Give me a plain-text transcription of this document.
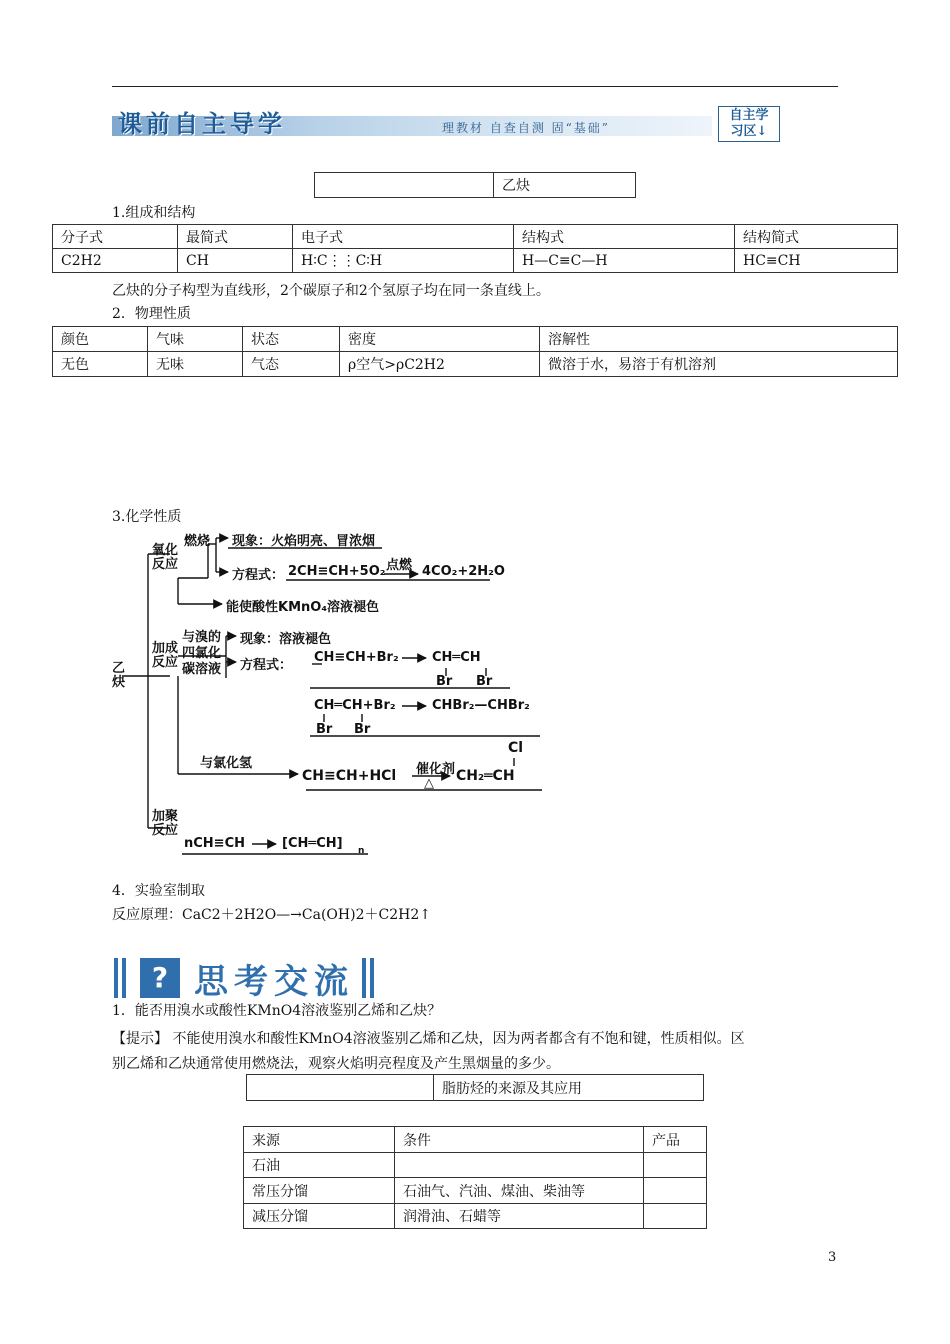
课前自主导学	理教材 自查自测 固“基础”
自主学
习区↓
	乙炔
1.组成和结构
分子式	最简式	电子式	结构式	结构简式
C2H2	CH	H∶C⋮⋮C∶H	H—C≡C—H	HC≡CH
乙炔的分子构型为直线形，2个碳原子和2个氢原子均在同一条直线上。
2．物理性质
颜色	气味	状态	密度	溶解性
无色	无味	气态	ρ空气>ρC2H2	微溶于水，易溶于有机溶剂
3.化学性质
乙炔
氧化反应
燃烧 现象：火焰明亮、冒浓烟
方程式： 2CH≡CH+5O₂ 点燃 4CO₂+2H₂O
能使酸性KMnO₄溶液褪色
加成反应
与溴的四氯化碳溶液
现象：溶液褪色
方程式：
CH≡CH+Br₂	CH═CH
Br Br
CH═CH+Br₂	CHBr₂—CHBr₂
Br Br
与氯化氢
CH≡CH+HCl 催化剂
△ CH₂═CH
Cl
加聚反应
nCH≡CH	[CH═CH] n
4．实验室制取
反应原理：CaC2＋2H2O—→Ca(OH)2＋C2H2↑
? 思考交流
1．能否用溴水或酸性KMnO4溶液鉴别乙烯和乙炔？
【提示】 不能使用溴水和酸性KMnO4溶液鉴别乙烯和乙炔，因为两者都含有不饱和键，性质相似。区
别乙烯和乙炔通常使用燃烧法，观察火焰明亮程度及产生黑烟量的多少。
	脂肪烃的来源及其应用
来源	条件	产品
石油		
常压分馏	石油气、汽油、煤油、柴油等	
减压分馏	润滑油、石蜡等	
3
